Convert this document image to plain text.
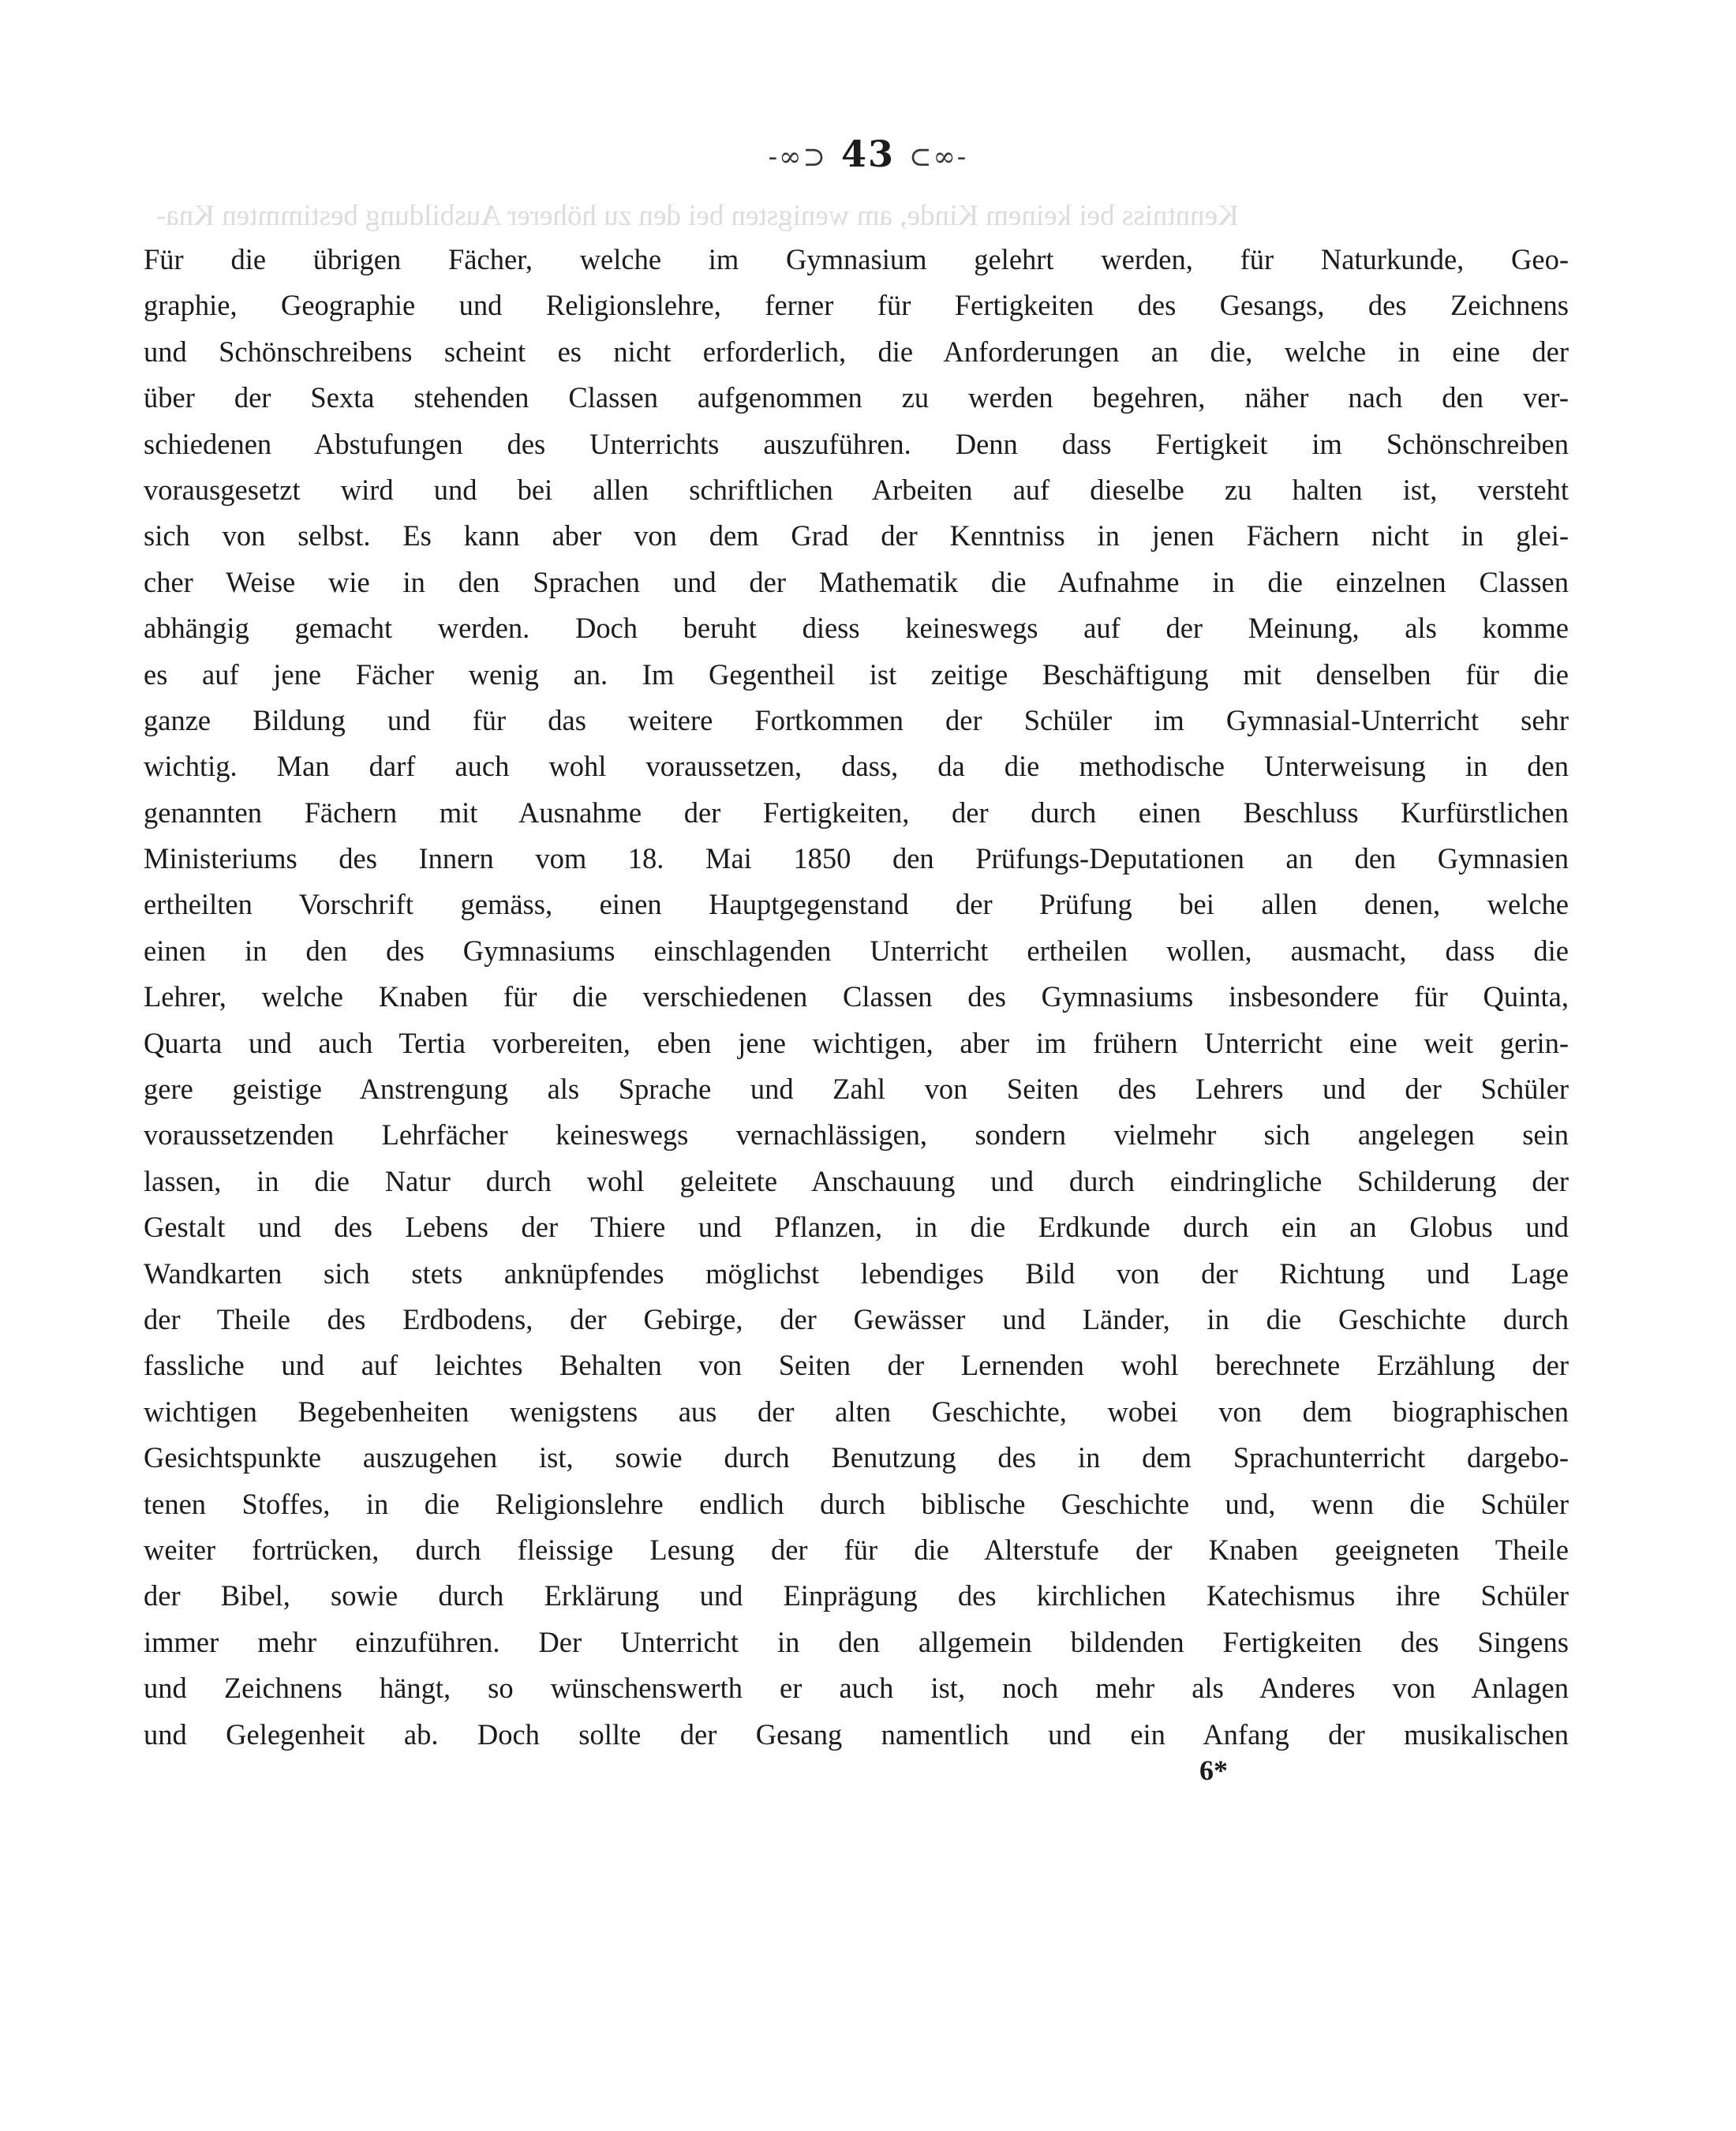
-∞⊃ 43 ⊂∞-
Kenntniss bei keinem Kinde, am wenigsten bei den zu höherer Ausbildung bestimmten Kna-
Für die übrigen Fächer, welche im Gymnasium gelehrt werden, für Naturkunde, Geo-
graphie, Geographie und Religionslehre, ferner für Fertigkeiten des Gesangs, des Zeichnens
und Schönschreibens scheint es nicht erforderlich, die Anforderungen an die, welche in eine der
über der Sexta stehenden Classen aufgenommen zu werden begehren, näher nach den ver-
schiedenen Abstufungen des Unterrichts auszuführen. Denn dass Fertigkeit im Schönschreiben
vorausgesetzt wird und bei allen schriftlichen Arbeiten auf dieselbe zu halten ist, versteht
sich von selbst. Es kann aber von dem Grad der Kenntniss in jenen Fächern nicht in glei-
cher Weise wie in den Sprachen und der Mathematik die Aufnahme in die einzelnen Classen
abhängig gemacht werden. Doch beruht diess keineswegs auf der Meinung, als komme
es auf jene Fächer wenig an. Im Gegentheil ist zeitige Beschäftigung mit denselben für die
ganze Bildung und für das weitere Fortkommen der Schüler im Gymnasial-Unterricht sehr
wichtig. Man darf auch wohl voraussetzen, dass, da die methodische Unterweisung in den
genannten Fächern mit Ausnahme der Fertigkeiten, der durch einen Beschluss Kurfürstlichen
Ministeriums des Innern vom 18. Mai 1850 den Prüfungs-Deputationen an den Gymnasien
ertheilten Vorschrift gemäss, einen Hauptgegenstand der Prüfung bei allen denen, welche
einen in den des Gymnasiums einschlagenden Unterricht ertheilen wollen, ausmacht, dass die
Lehrer, welche Knaben für die verschiedenen Classen des Gymnasiums insbesondere für Quinta,
Quarta und auch Tertia vorbereiten, eben jene wichtigen, aber im frühern Unterricht eine weit gerin-
gere geistige Anstrengung als Sprache und Zahl von Seiten des Lehrers und der Schüler
voraussetzenden Lehrfächer keineswegs vernachlässigen, sondern vielmehr sich angelegen sein
lassen, in die Natur durch wohl geleitete Anschauung und durch eindringliche Schilderung der
Gestalt und des Lebens der Thiere und Pflanzen, in die Erdkunde durch ein an Globus und
Wandkarten sich stets anknüpfendes möglichst lebendiges Bild von der Richtung und Lage
der Theile des Erdbodens, der Gebirge, der Gewässer und Länder, in die Geschichte durch
fassliche und auf leichtes Behalten von Seiten der Lernenden wohl berechnete Erzählung der
wichtigen Begebenheiten wenigstens aus der alten Geschichte, wobei von dem biographischen
Gesichtspunkte auszugehen ist, sowie durch Benutzung des in dem Sprachunterricht dargebo-
tenen Stoffes, in die Religionslehre endlich durch biblische Geschichte und, wenn die Schüler
weiter fortrücken, durch fleissige Lesung der für die Alterstufe der Knaben geeigneten Theile
der Bibel, sowie durch Erklärung und Einprägung des kirchlichen Katechismus ihre Schüler
immer mehr einzuführen. Der Unterricht in den allgemein bildenden Fertigkeiten des Singens
und Zeichnens hängt, so wünschenswerth er auch ist, noch mehr als Anderes von Anlagen
und Gelegenheit ab. Doch sollte der Gesang namentlich und ein Anfang der musikalischen
6*
